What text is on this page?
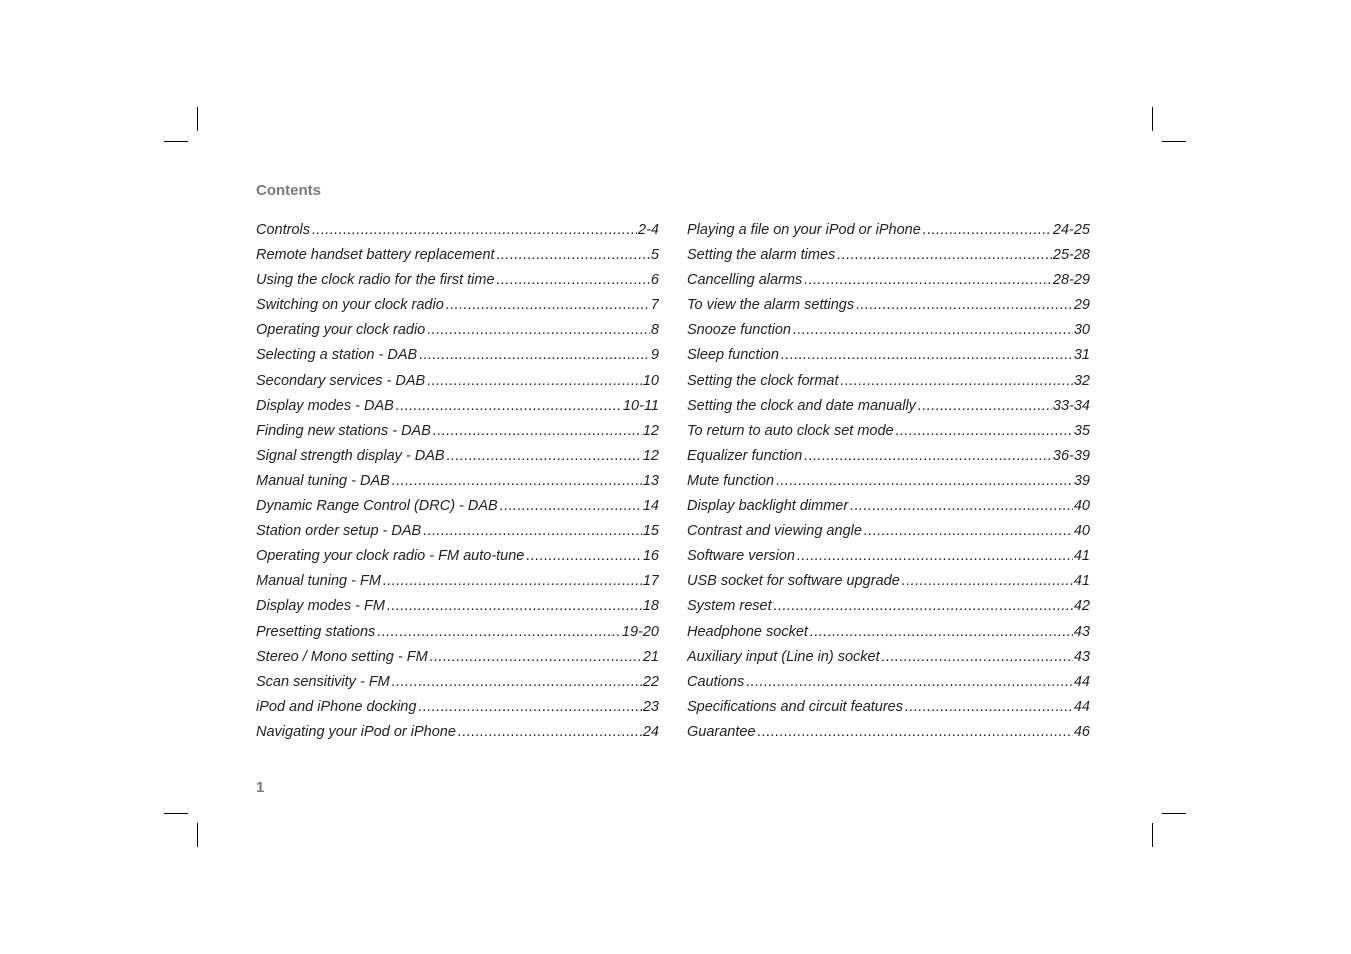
Contents
Controls .....	2-4
Remote handset battery replacement .....	5
Using the clock radio for the first time .....	6
Switching on your clock radio .....	7
Operating your clock radio .....	8
Selecting a station - DAB .....	9
Secondary services - DAB .....	10
Display modes - DAB .....	10-11
Finding new stations - DAB .....	12
Signal strength display - DAB .....	12
Manual tuning - DAB .....	13
Dynamic Range Control (DRC) - DAB .....	14
Station order setup - DAB .....	15
Operating your clock radio - FM auto-tune .....	16
Manual tuning - FM .....	17
Display modes - FM .....	18
Presetting stations .....	19-20
Stereo / Mono setting - FM .....	21
Scan sensitivity - FM .....	22
iPod and iPhone docking .....	23
Navigating your iPod or iPhone .....	24
Playing a file on your iPod or iPhone .....	24-25
Setting the alarm times .....	25-28
Cancelling alarms .....	28-29
To view the alarm settings .....	29
Snooze function .....	30
Sleep function .....	31
Setting the clock format .....	32
Setting the clock and date manually .....	33-34
To return to auto clock set mode .....	35
Equalizer function .....	36-39
Mute function .....	39
Display backlight dimmer .....	40
Contrast and viewing angle .....	40
Software version .....	41
USB socket for software upgrade .....	41
System reset .....	42
Headphone socket .....	43
Auxiliary input (Line in) socket .....	43
Cautions .....	44
Specifications and circuit features .....	44
Guarantee .....	46

1
